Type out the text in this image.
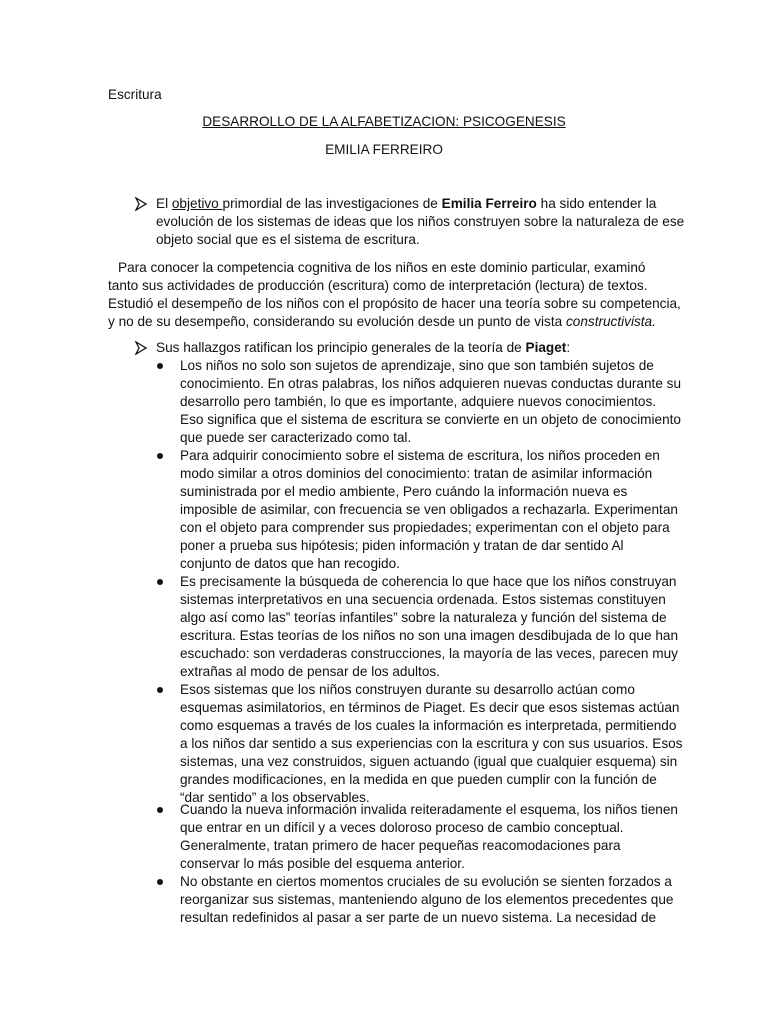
Escritura
DESARROLLO DE LA ALFABETIZACION: PSICOGENESIS
EMILIA FERREIRO
El objetivo primordial de las investigaciones de Emilia Ferreiro ha sido entender la
evolución de los sistemas de ideas que los niños construyen sobre la naturaleza de ese
objeto social que es el sistema de escritura.
Para conocer la competencia cognitiva de los niños en este dominio particular, examinó
tanto sus actividades de producción (escritura) como de interpretación (lectura) de textos.
Estudió el desempeño de los niños con el propósito de hacer una teoría sobre su competencia,
y no de su desempeño, considerando su evolución desde un punto de vista constructivista.
Sus hallazgos ratifican los principio generales de la teoría de Piaget:
Los niños no solo son sujetos de aprendizaje, sino que son también sujetos de
conocimiento. En otras palabras, los niños adquieren nuevas conductas durante su
desarrollo pero también, lo que es importante, adquiere nuevos conocimientos.
Eso significa que el sistema de escritura se convierte en un objeto de conocimiento
que puede ser caracterizado como tal.
Para adquirir conocimiento sobre el sistema de escritura, los niños proceden en
modo similar a otros dominios del conocimiento: tratan de asimilar información
suministrada por el medio ambiente, Pero cuándo la información nueva es
imposible de asimilar, con frecuencia se ven obligados a rechazarla. Experimentan
con el objeto para comprender sus propiedades; experimentan con el objeto para
poner a prueba sus hipótesis; piden información y tratan de dar sentido Al
conjunto de datos que han recogido.
Es precisamente la búsqueda de coherencia lo que hace que los niños construyan
sistemas interpretativos en una secuencia ordenada. Estos sistemas constituyen
algo así como las” teorías infantiles” sobre la naturaleza y función del sistema de
escritura. Estas teorías de los niños no son una imagen desdibujada de lo que han
escuchado: son verdaderas construcciones, la mayoría de las veces, parecen muy
extrañas al modo de pensar de los adultos.
Esos sistemas que los niños construyen durante su desarrollo actúan como
esquemas asimilatorios, en términos de Piaget. Es decir que esos sistemas actúan
como esquemas a través de los cuales la información es interpretada, permitiendo
a los niños dar sentido a sus experiencias con la escritura y con sus usuarios. Esos
sistemas, una vez construidos, siguen actuando (igual que cualquier esquema) sin
grandes modificaciones, en la medida en que pueden cumplir con la función de
“dar sentido” a los observables.
Cuando la nueva información invalida reiteradamente el esquema, los niños tienen
que entrar en un difícil y a veces doloroso proceso de cambio conceptual.
Generalmente, tratan primero de hacer pequeñas reacomodaciones para
conservar lo más posible del esquema anterior.
No obstante en ciertos momentos cruciales de su evolución se sienten forzados a
reorganizar sus sistemas, manteniendo alguno de los elementos precedentes que
resultan redefinidos al pasar a ser parte de un nuevo sistema. La necesidad de
